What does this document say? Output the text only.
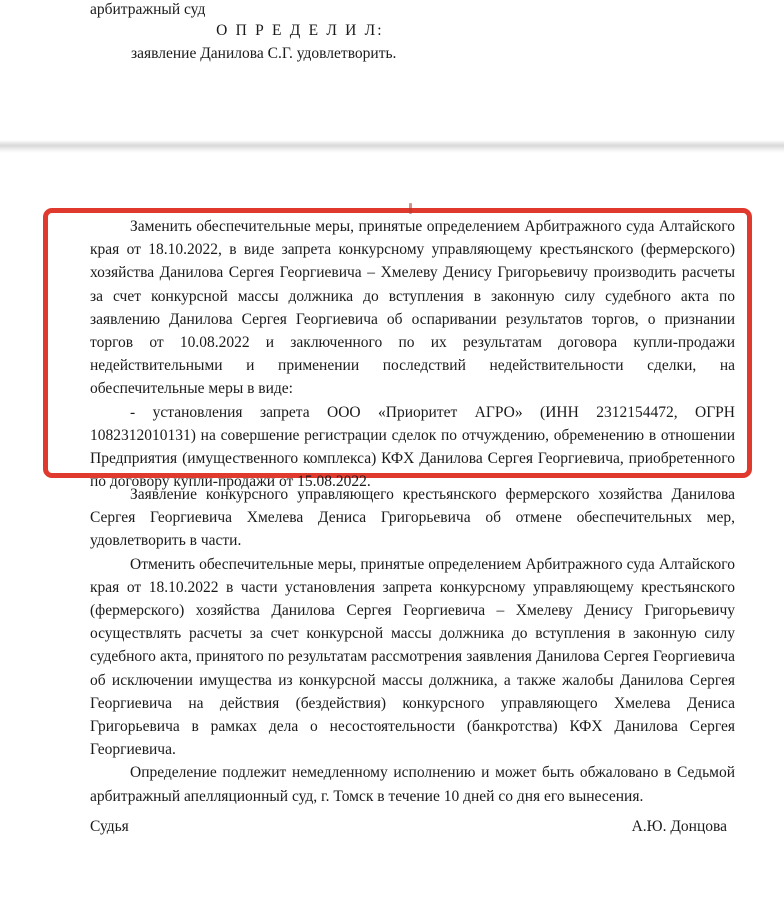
арбитражный суд
О П Р Е Д Е Л И Л:
заявление Данилова С.Г. удовлетворить.

Заменить обеспечительные меры, принятые определением Арбитражного суда Алтайского края от 18.10.2022, в виде запрета конкурсному управляющему крестьянского (фермерского) хозяйства Данилова Сергея Георгиевича – Хмелеву Денису Григорьевичу производить расчеты за счет конкурсной массы должника до вступления в законную силу судебного акта по заявлению Данилова Сергея Георгиевича об оспаривании результатов торгов, о признании торгов от 10.08.2022 и заключенного по их результатам договора купли-продажи недействительными и применении последствий недействительности сделки, на обеспечительные меры в виде:

- установления запрета ООО «Приоритет АГРО» (ИНН 2312154472, ОГРН 1082312010131) на совершение регистрации сделок по отчуждению, обременению в отношении Предприятия (имущественного комплекса) КФХ Данилова Сергея Георгиевича, приобретенного по договору купли-продажи от 15.08.2022.

Заявление конкурсного управляющего крестьянского фермерского хозяйства Данилова Сергея Георгиевича Хмелева Дениса Григорьевича об отмене обеспечительных мер, удовлетворить в части.

Отменить обеспечительные меры, принятые определением Арбитражного суда Алтайского края от 18.10.2022 в части установления запрета конкурсному управляющему крестьянского (фермерского) хозяйства Данилова Сергея Георгиевича – Хмелеву Денису Григорьевичу осуществлять расчеты за счет конкурсной массы должника до вступления в законную силу судебного акта, принятого по результатам рассмотрения заявления Данилова Сергея Георгиевича об исключении имущества из конкурсной массы должника, а также жалобы Данилова Сергея Георгиевича на действия (бездействия) конкурсного управляющего Хмелева Дениса Григорьевича в рамках дела о несостоятельности (банкротства) КФХ Данилова Сергея Георгиевича.

Определение подлежит немедленному исполнению и может быть обжаловано в Седьмой арбитражный апелляционный суд, г. Томск в течение 10 дней со дня его вынесения.

Судья	А.Ю. Донцова
